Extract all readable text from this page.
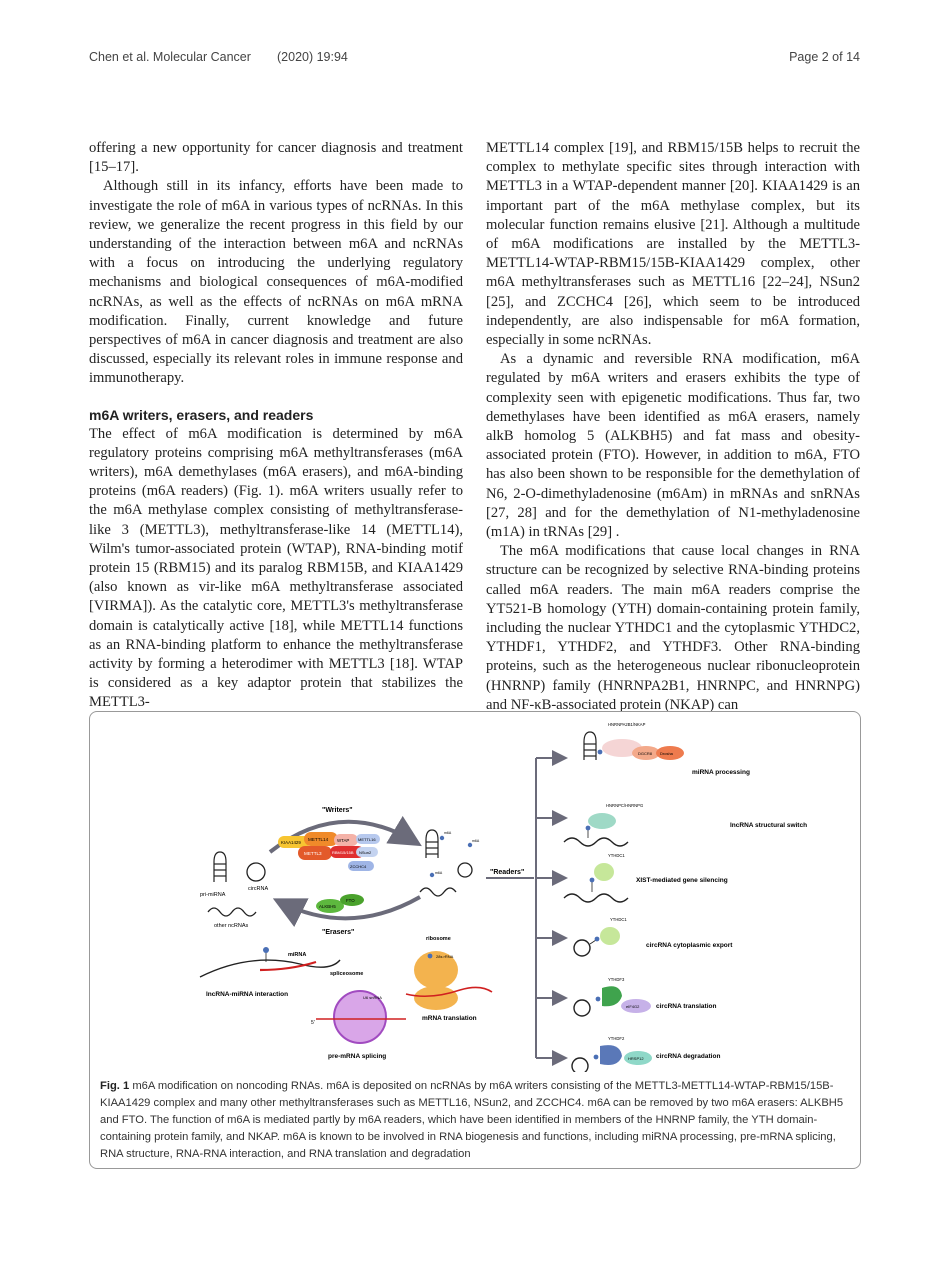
Chen et al. Molecular Cancer (2020) 19:94	Page 2 of 14

offering a new opportunity for cancer diagnosis and treatment [15–17].

Although still in its infancy, efforts have been made to investigate the role of m6A in various types of ncRNAs. In this review, we generalize the recent progress in this field by our understanding of the interaction between m6A and ncRNAs with a focus on introducing the underlying regulatory mechanisms and biological consequences of m6A-modified ncRNAs, as well as the effects of ncRNAs on m6A mRNA modification. Finally, current knowledge and future perspectives of m6A in cancer diagnosis and treatment are also discussed, especially its relevant roles in immune response and immunotherapy.

m6A writers, erasers, and readers

The effect of m6A modification is determined by m6A regulatory proteins comprising m6A methyltransferases (m6A writers), m6A demethylases (m6A erasers), and m6A-binding proteins (m6A readers) (Fig. 1). m6A writers usually refer to the m6A methylase complex consisting of methyltransferase-like 3 (METTL3), methyltransferase-like 14 (METTL14), Wilm's tumor-associated protein (WTAP), RNA-binding motif protein 15 (RBM15) and its paralog RBM15B, and KIAA1429 (also known as vir-like m6A methyltransferase associated [VIRMA]). As the catalytic core, METTL3's methyltransferase domain is catalytically active [18], while METTL14 functions as an RNA-binding platform to enhance the methyltransferase activity by forming a heterodimer with METTL3 [18]. WTAP is considered as a key adaptor protein that stabilizes the METTL3-

METTL14 complex [19], and RBM15/15B helps to recruit the complex to methylate specific sites through interaction with METTL3 in a WTAP-dependent manner [20]. KIAA1429 is an important part of the m6A methylase complex, but its molecular function remains elusive [21]. Although a multitude of m6A modifications are installed by the METTL3-METTL14-WTAP-RBM15/15B-KIAA1429 complex, other m6A methyltransferases such as METTL16 [22–24], NSun2 [25], and ZCCHC4 [26], which seem to be introduced independently, are also indispensable for m6A formation, especially in some ncRNAs.

As a dynamic and reversible RNA modification, m6A regulated by m6A writers and erasers exhibits the type of complexity seen with epigenetic modifications. Thus far, two demethylases have been identified as m6A erasers, namely alkB homolog 5 (ALKBH5) and fat mass and obesity-associated protein (FTO). However, in addition to m6A, FTO has also been shown to be responsible for the demethylation of N6, 2-O-dimethyladenosine (m6Am) in mRNAs and snRNAs [27, 28] and for the demethylation of N1-methyladenosine (m1A) in tRNAs [29] .

The m6A modifications that cause local changes in RNA structure can be recognized by selective RNA-binding proteins called m6A readers. The main m6A readers comprise the YT521-B homology (YTH) domain-containing protein family, including the nuclear YTHDC1 and the cytoplasmic YTHDC2, YTHDF1, YTHDF2, and YTHDF3. Other RNA-binding proteins, such as the heterogeneous nuclear ribonucleoprotein (HNRNP) family (HNRNPA2B1, HNRNPC, and HNRNPG) and NF-κB-associated protein (NKAP) can

pri-miRNA
circRNA
other ncRNAs
"Writers"
"Erasers"
KIAA1429
METTL14
METTL3	RBM15/15B
WTAP METTL16
NSun2
ZCCHC4
ALKBH5
FTO
m6A
m6A
m6A	"Readers"
HNRNPA2B1/NKAP
DGCR8 Drosha
miRNA processing
HNRNPC/HNRNPG
lncRNA structural switch
YTHDC1
XIST-mediated gene silencing
YTHDC1
circRNA cytoplasmic export
YTHDF3
eIF4G2	circRNA translation
YTHDF2
HRSP12 circRNA degradation
miRNA
lncRNA-miRNA interaction
spliceosome
U6 snRNA
5'
pre-mRNA splicing
ribosome
28s rRNA
mRNA translation
Fig. 1 m6A modification on noncoding RNAs. m6A is deposited on ncRNAs by m6A writers consisting of the METTL3-METTL14-WTAP-RBM15/15B-KIAA1429 complex and many other methyltransferases such as METTL16, NSun2, and ZCCHC4. m6A can be removed by two m6A erasers: ALKBH5 and FTO. The function of m6A is mediated partly by m6A readers, which have been identified in members of the HNRNP family, the YTH domain-containing protein family, and NKAP. m6A is known to be involved in RNA biogenesis and functions, including miRNA processing, pre-mRNA splicing, RNA structure, RNA-RNA interaction, and RNA translation and degradation
